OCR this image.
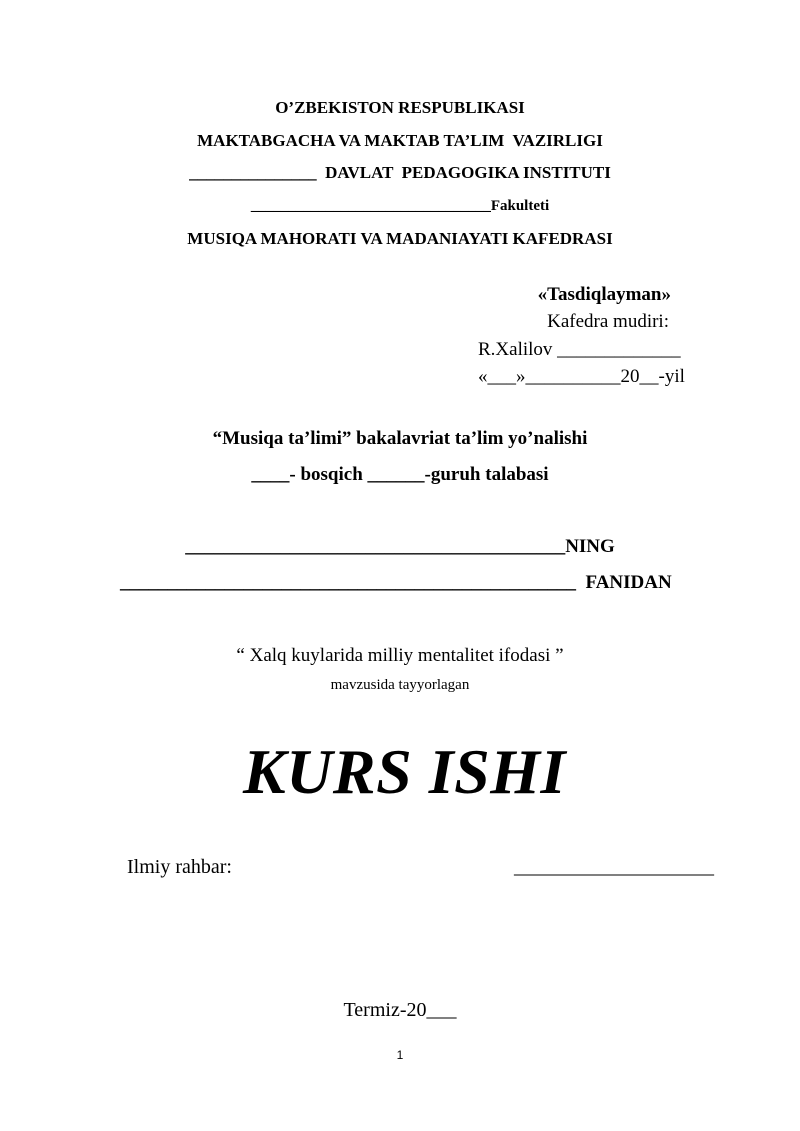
O’ZBEKISTON RESPUBLIKASI
MAKTABGACHA VA MAKTAB TA’LIM  VAZIRLIGI
_______________  DAVLAT  PEDAGOGIKA INSTITUTI
________________________________Fakulteti
MUSIQA MAHORATI VA MADANIAYATI KAFEDRASI
«Tasdiqlayman»
Kafedra mudiri:
R.Xalilov _____________
«___»__________20__-yil
“Musiqa ta’limi” bakalavriat ta’lim yo’nalishi
____- bosqich ______-guruh talabasi
________________________________________NING
________________________________________________  FANIDAN
“ Xalq kuylarida milliy mentalitet ifodasi ”
mavzusida tayyorlagan
KURS ISHI
Ilmiy rahbar:	____________________
Termiz-20___
1
